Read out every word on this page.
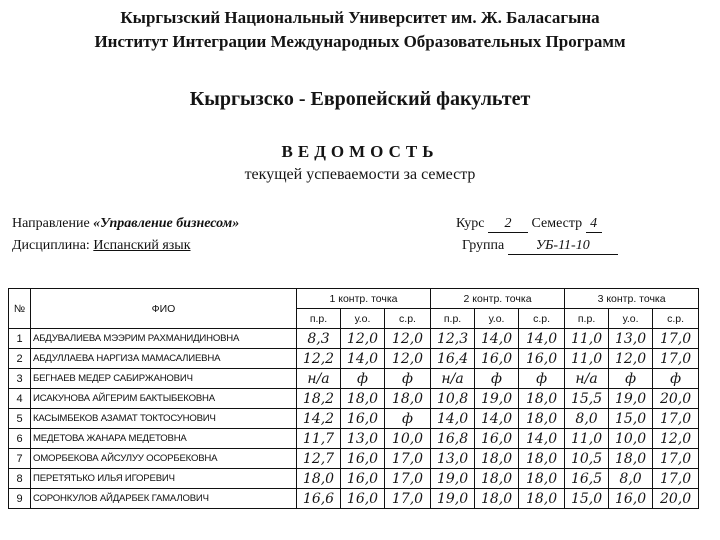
Кыргызский Национальный Университет им. Ж. Баласагына
Институт Интеграции Международных Образовательных Программ
Кыргызско - Европейский факультет
ВЕДОМОСТЬ
текущей успеваемости за семестр
Направление «Управление бизнесом»
Дисциплина: Испанский язык
Курс 2 Семестр 4
Группа УБ-11-10
№	ФИО	1 контр. точка			2 контр. точка			3 контр. точка		
		п.р.	у.о.	с.р.	п.р.	у.о.	с.р.	п.р.	у.о.	с.р.
1	АБДУВАЛИЕВА МЭЭРИМ РАХМАНИДИНОВНА	8,3	12,0	12,0	12,3	14,0	14,0	11,0	13,0	17,0
2	АБДУЛЛАЕВА НАРГИЗА МАМАСАЛИЕВНА	12,2	14,0	12,0	16,4	16,0	16,0	11,0	12,0	17,0
3	БЕГНАЕВ МЕДЕР САБИРЖАНОВИЧ	н/а	ф	ф	н/а	ф	ф	н/а	ф	ф
4	ИСАКУНОВА АЙГЕРИМ БАКТЫБЕКОВНА	18,2	18,0	18,0	10,8	19,0	18,0	15,5	19,0	20,0
5	КАСЫМБЕКОВ АЗАМАТ ТОКТОСУНОВИЧ	14,2	16,0	ф	14,0	14,0	18,0	8,0	15,0	17,0
6	МЕДЕТОВА ЖАНАРА МЕДЕТОВНА	11,7	13,0	10,0	16,8	16,0	14,0	11,0	10,0	12,0
7	ОМОРБЕКОВА АЙСУЛУУ ОСОРБЕКОВНА	12,7	16,0	17,0	13,0	18,0	18,0	10,5	18,0	17,0
8	ПЕРЕТЯТЬКО ИЛЬЯ ИГОРЕВИЧ	18,0	16,0	17,0	19,0	18,0	18,0	16,5	8,0	17,0
9	СОРОНКУЛОВ АЙДАРБЕК ГАМАЛОВИЧ	16,6	16,0	17,0	19,0	18,0	18,0	15,0	16,0	20,0
